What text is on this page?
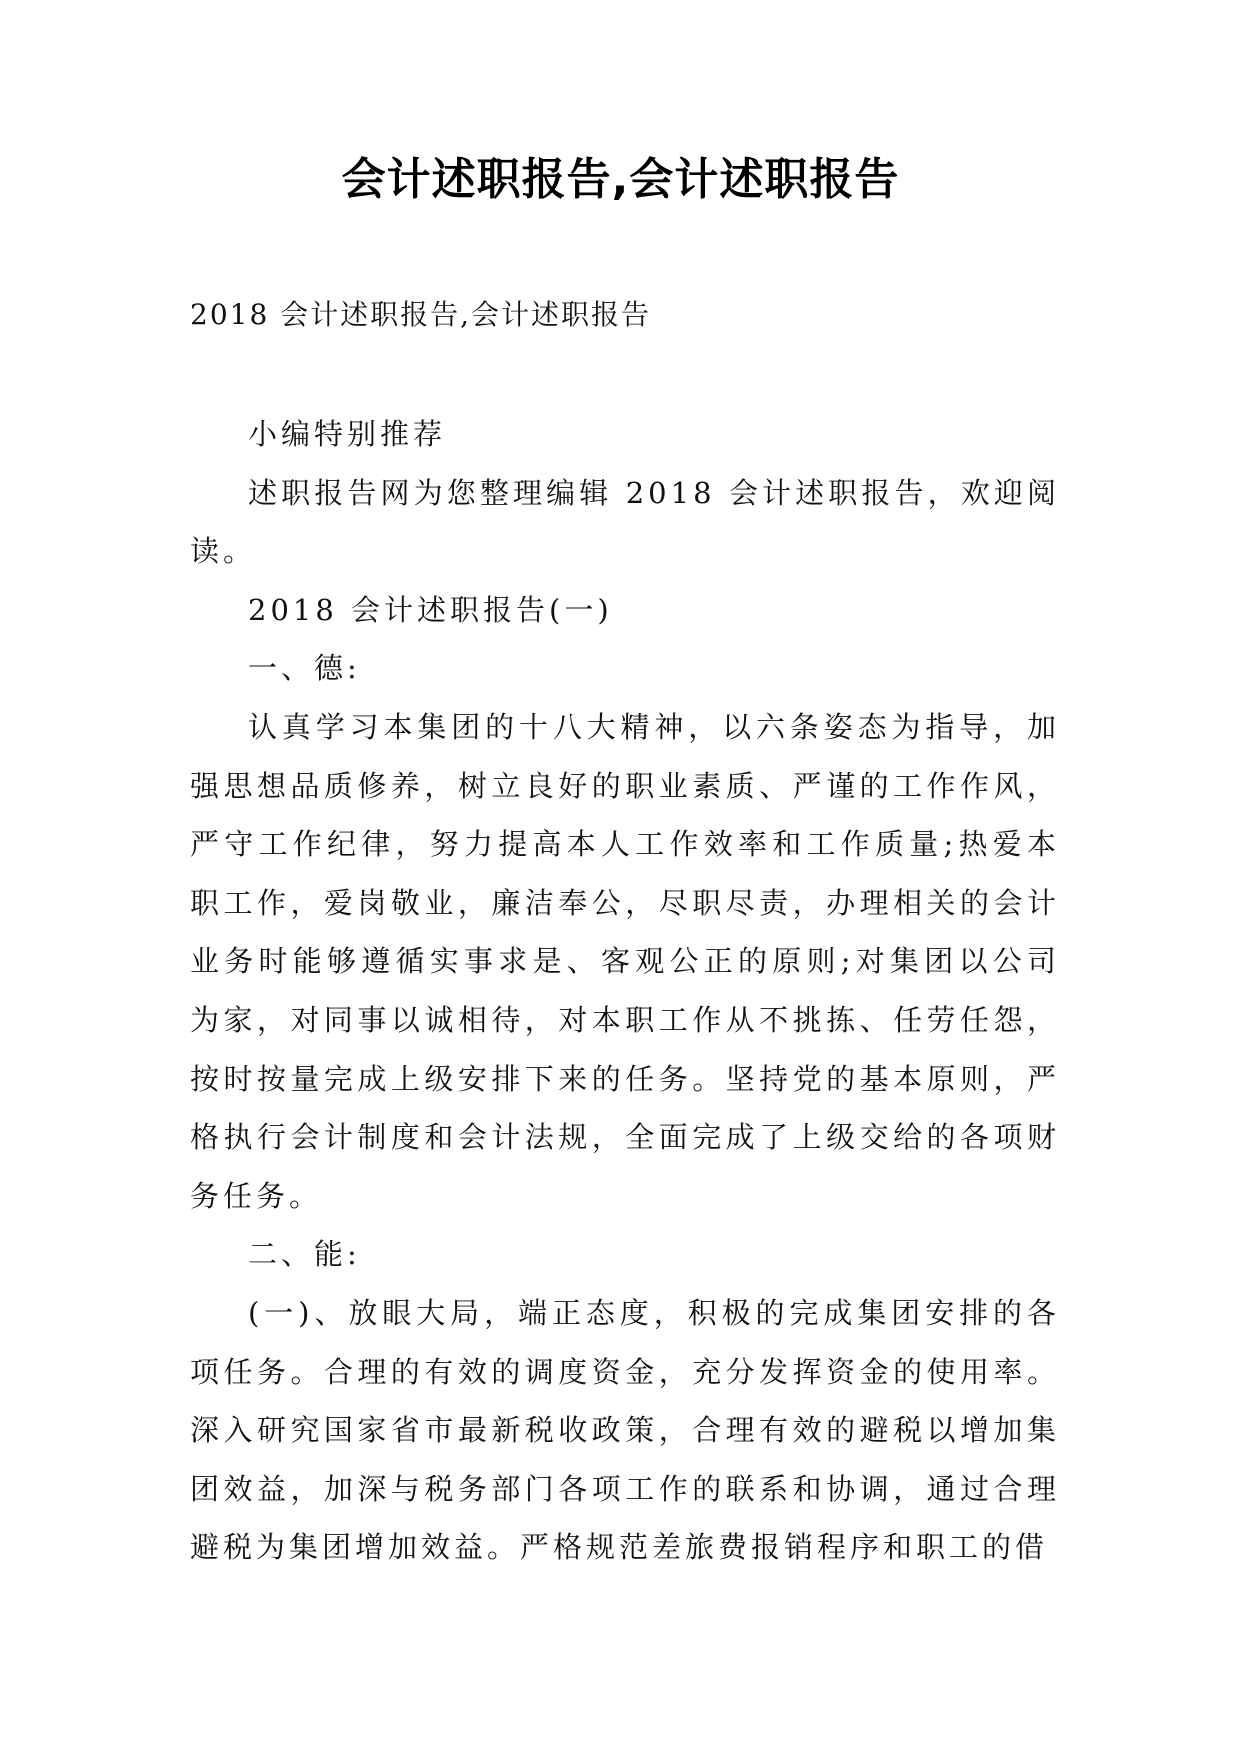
会计述职报告,会计述职报告
2018 会计述职报告,会计述职报告

小编特别推荐

述职报告网为您整理编辑 2018 会计述职报告，欢迎阅读。

2018 会计述职报告(一)

一、德:

认真学习本集团的十八大精神，以六条姿态为指导，加强思想品质修养，树立良好的职业素质、严谨的工作作风，严守工作纪律，努力提高本人工作效率和工作质量;热爱本职工作，爱岗敬业，廉洁奉公，尽职尽责，办理相关的会计业务时能够遵循实事求是、客观公正的原则;对集团以公司为家，对同事以诚相待，对本职工作从不挑拣、任劳任怨，按时按量完成上级安排下来的任务。坚持党的基本原则，严格执行会计制度和会计法规，全面完成了上级交给的各项财务任务。

二、能:

(一)、放眼大局，端正态度，积极的完成集团安排的各项任务。合理的有效的调度资金，充分发挥资金的使用率。深入研究国家省市最新税收政策，合理有效的避税以增加集团效益，加深与税务部门各项工作的联系和协调，通过合理避税为集团增加效益。严格规范差旅费报销程序和职工的借
